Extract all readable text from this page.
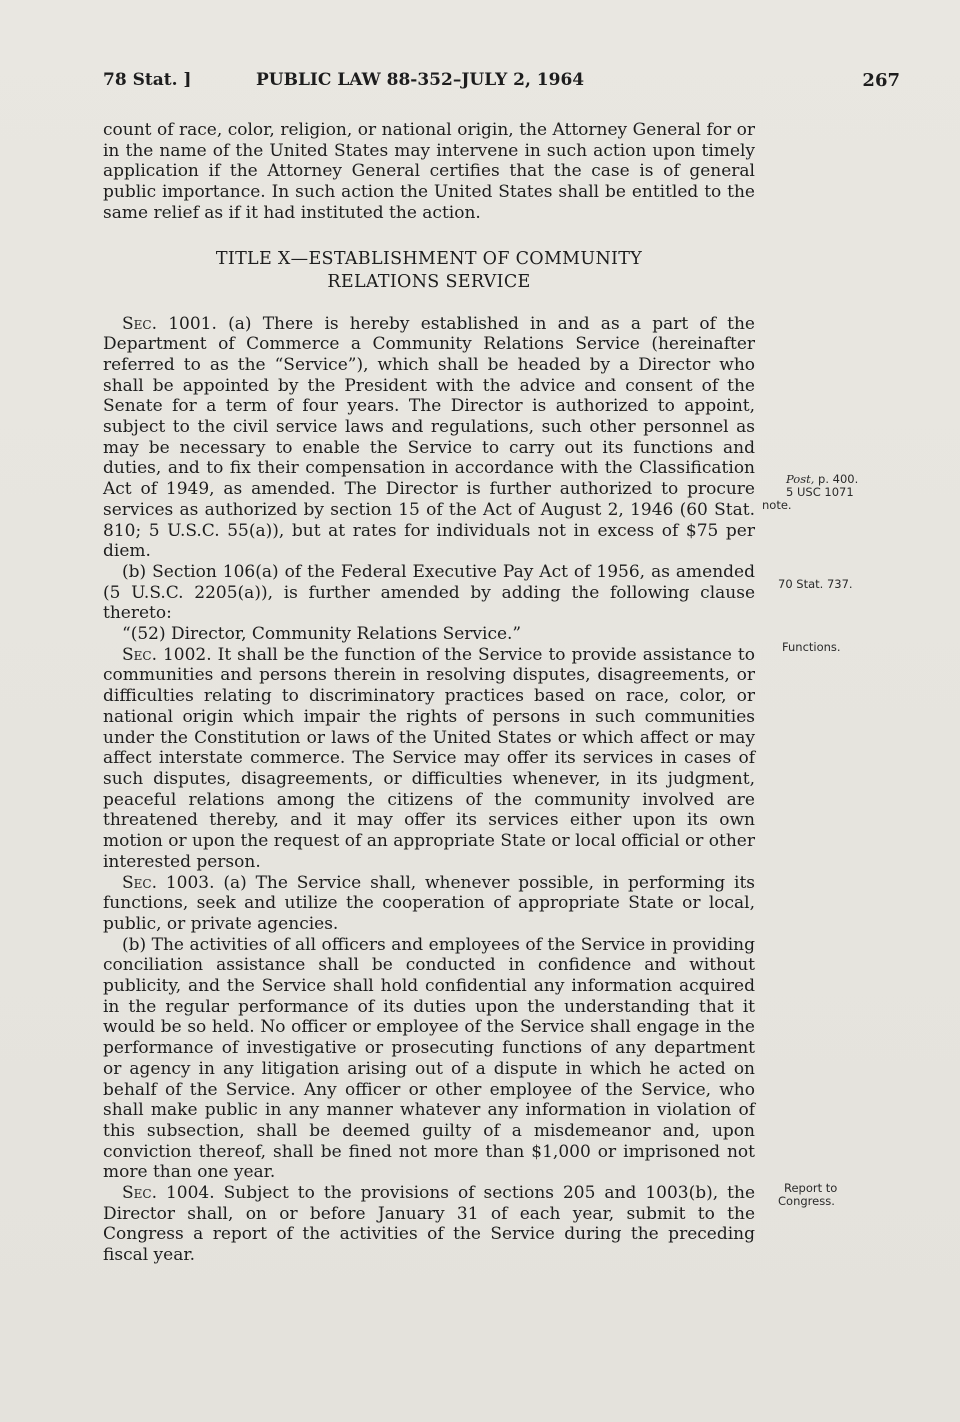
78 Stat. ]	PUBLIC LAW 88-352–JULY 2, 1964	267

count of race, color, religion, or national origin, the Attorney General for or in the name of the United States may intervene in such action upon timely application if the Attorney General certifies that the case is of general public importance. In such action the United States shall be entitled to the same relief as if it had instituted the action.

TITLE X—ESTABLISHMENT OF COMMUNITY
RELATIONS SERVICE

Sec. 1001. (a) There is hereby established in and as a part of the Department of Commerce a Community Relations Service (hereinafter referred to as the “Service”), which shall be headed by a Director who shall be appointed by the President with the advice and consent of the Senate for a term of four years. The Director is authorized to appoint, subject to the civil service laws and regulations, such other personnel as may be necessary to enable the Service to carry out its functions and duties, and to fix their compensation in accordance with the Classification Act of 1949, as amended. The Director is further authorized to procure services as authorized by section 15 of the Act of August 2, 1946 (60 Stat. 810; 5 U.S.C. 55(a)), but at rates for individuals not in excess of $75 per diem.

(b) Section 106(a) of the Federal Executive Pay Act of 1956, as amended (5 U.S.C. 2205(a)), is further amended by adding the following clause thereto:

“(52) Director, Community Relations Service.”

Sec. 1002. It shall be the function of the Service to provide assistance to communities and persons therein in resolving disputes, disagreements, or difficulties relating to discriminatory practices based on race, color, or national origin which impair the rights of persons in such communities under the Constitution or laws of the United States or which affect or may affect interstate commerce. The Service may offer its services in cases of such disputes, disagreements, or difficulties whenever, in its judgment, peaceful relations among the citizens of the community involved are threatened thereby, and it may offer its services either upon its own motion or upon the request of an appropriate State or local official or other interested person.

Sec. 1003. (a) The Service shall, whenever possible, in performing its functions, seek and utilize the cooperation of appropriate State or local, public, or private agencies.

(b) The activities of all officers and employees of the Service in providing conciliation assistance shall be conducted in confidence and without publicity, and the Service shall hold confidential any information acquired in the regular performance of its duties upon the understanding that it would be so held. No officer or employee of the Service shall engage in the performance of investigative or prosecuting functions of any department or agency in any litigation arising out of a dispute in which he acted on behalf of the Service. Any officer or other employee of the Service, who shall make public in any manner whatever any information in violation of this subsection, shall be deemed guilty of a misdemeanor and, upon conviction thereof, shall be fined not more than $1,000 or imprisoned not more than one year.

Sec. 1004. Subject to the provisions of sections 205 and 1003(b), the Director shall, on or before January 31 of each year, submit to the Congress a report of the activities of the Service during the preceding fiscal year.

Post, p. 400.
5 USC 1071
note.
70 Stat. 737.
Functions.
Report to
Congress.
